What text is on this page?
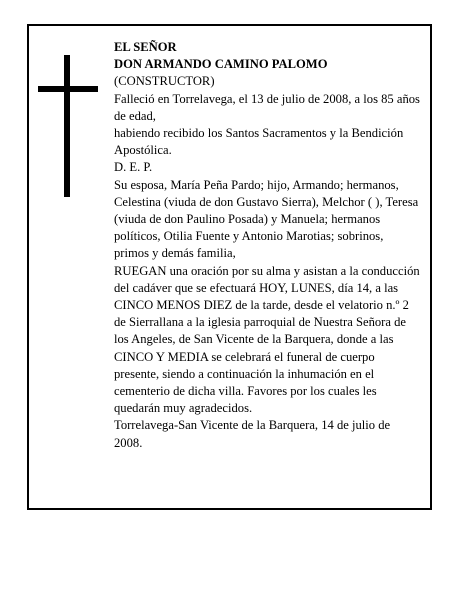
EL SEÑOR

DON ARMANDO CAMINO PALOMO

(CONSTRUCTOR)

Falleció en Torrelavega, el 13 de julio de 2008, a los 85 años de edad,

habiendo recibido los Santos Sacramentos y la Bendición Apostólica.

D. E. P.

Su esposa, María Peña Pardo; hijo, Armando; hermanos, Celestina (viuda de don Gustavo Sierra), Melchor ( ), Teresa (viuda de don Paulino Posada) y Manuela; hermanos políticos, Otilia Fuente y Antonio Marotias; sobrinos, primos y demás familia,

RUEGAN una oración por su alma y asistan a la conducción del cadáver que se efectuará HOY, LUNES, día 14, a las CINCO MENOS DIEZ de la tarde, desde el velatorio n.º 2 de Sierrallana a la iglesia parroquial de Nuestra Señora de los Angeles, de San Vicente de la Barquera, donde a las CINCO Y MEDIA se celebrará el funeral de cuerpo presente, siendo a continuación la inhumación en el cementerio de dicha villa. Favores por los cuales les quedarán muy agradecidos.

Torrelavega-San Vicente de la Barquera, 14 de julio de 2008.
